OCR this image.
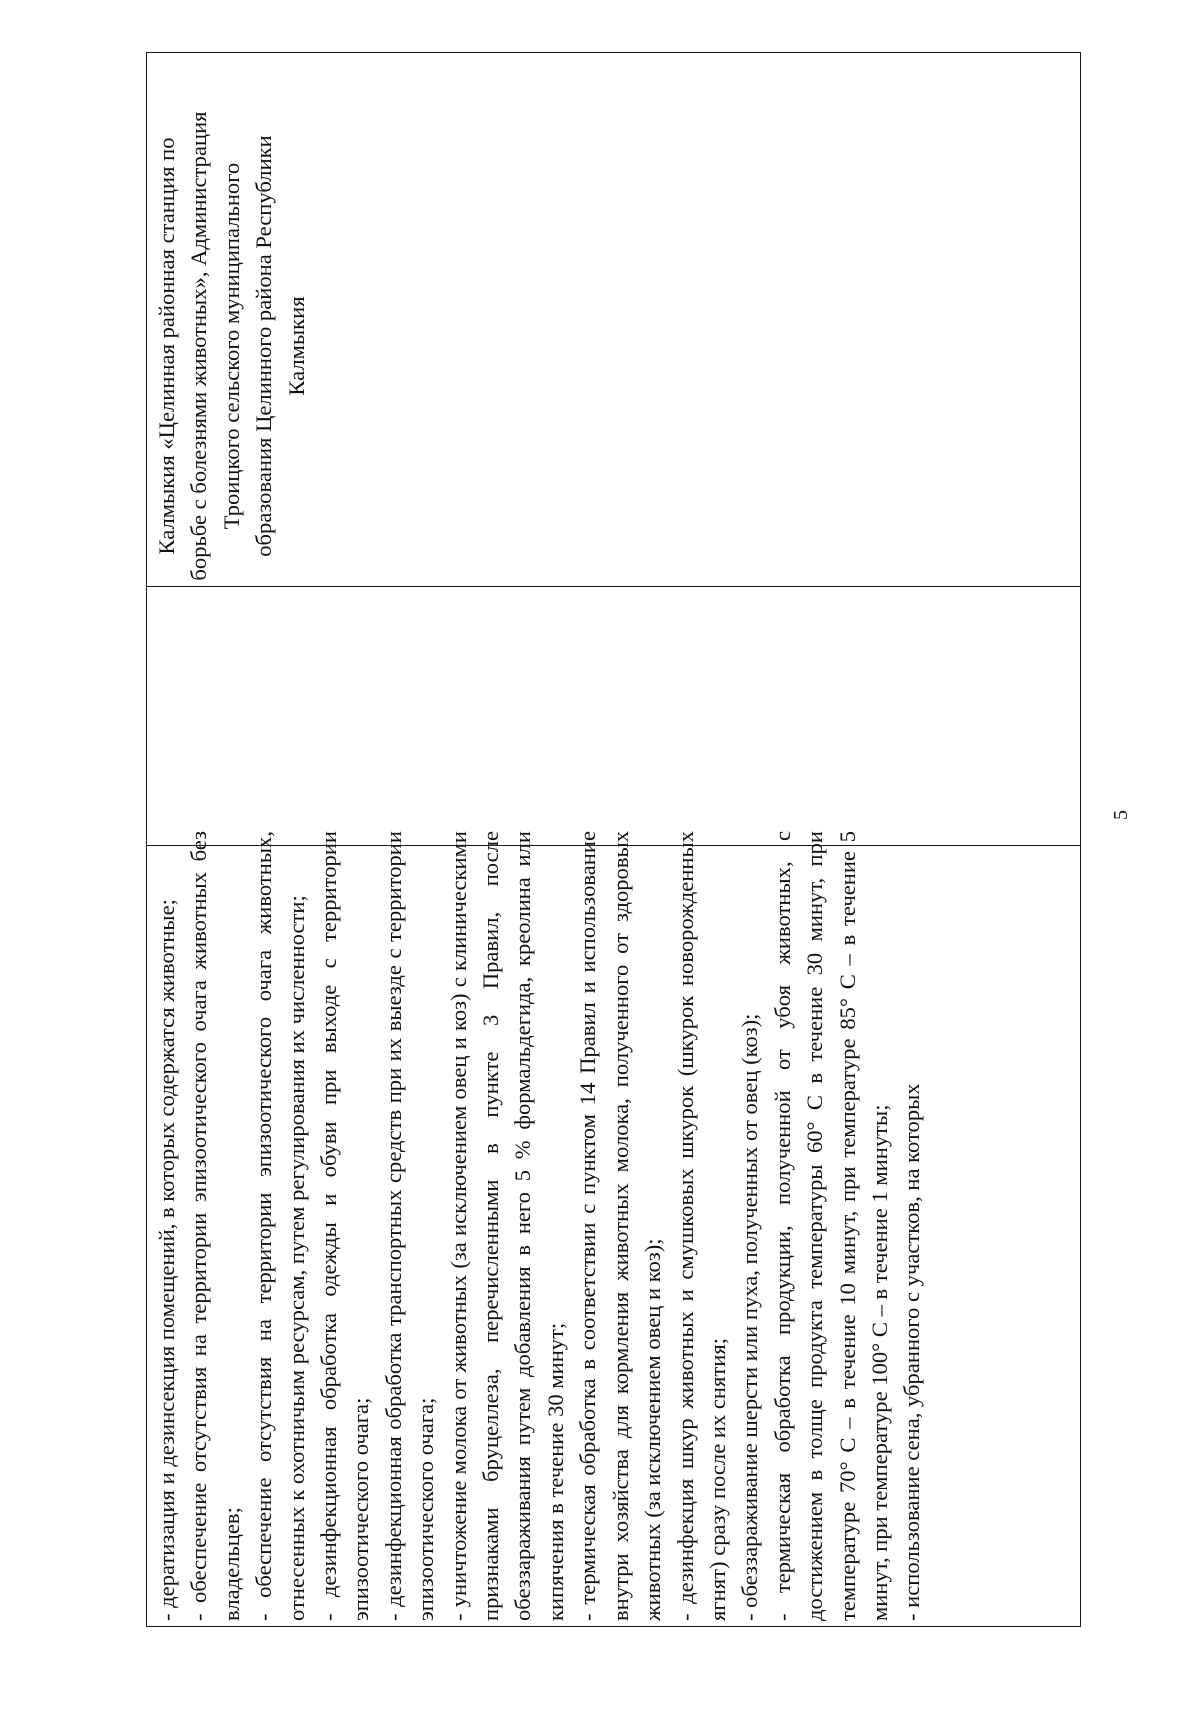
- дератизация и дезинсекция помещений, в которых содержатся животные; - обеспечение отсутствия на территории эпизоотического очага животных без владельцев; - обеспечение отсутствия на территории эпизоотического очага животных, отнесенных к охотничьим ресурсам, путем регулирования их численности; - дезинфекционная обработка одежды и обуви при выходе с территории эпизоотического очага; - дезинфекционная обработка транспортных средств при их выезде с территории эпизоотического очага; - уничтожение молока от животных (за исключением овец и коз) с клиническими признаками бруцеллеза, перечисленными в пункте 3 Правил, после обеззараживания путем добавления в него 5 % формальдегида, креолина или кипячения в течение 30 минут; - термическая обработка в соответствии с пунктом 14 Правил и использование внутри хозяйства для кормления животных молока, полученного от здоровых животных (за исключением овец и коз); - дезинфекция шкур животных и смушковых шкурок (шкурок новорожденных ягнят) сразу после их снятия; - обеззараживание шерсти или пуха, полученных от овец (коз); - термическая обработка продукции, полученной от убоя животных, с достижением в толще продукта температуры 60° С в течение 30 минут, при температуре 70° С – в течение 10 минут, при температуре 85° С – в течение 5 минут, при температуре 100° С – в течение 1 минуты; - использование сена, убранного с участков, на которых

Калмыкия «Целинная районная станция по борьбе с болезнями животных», Администрация Троицкого сельского муниципального образования Целинного района Республики Калмыкия

5
